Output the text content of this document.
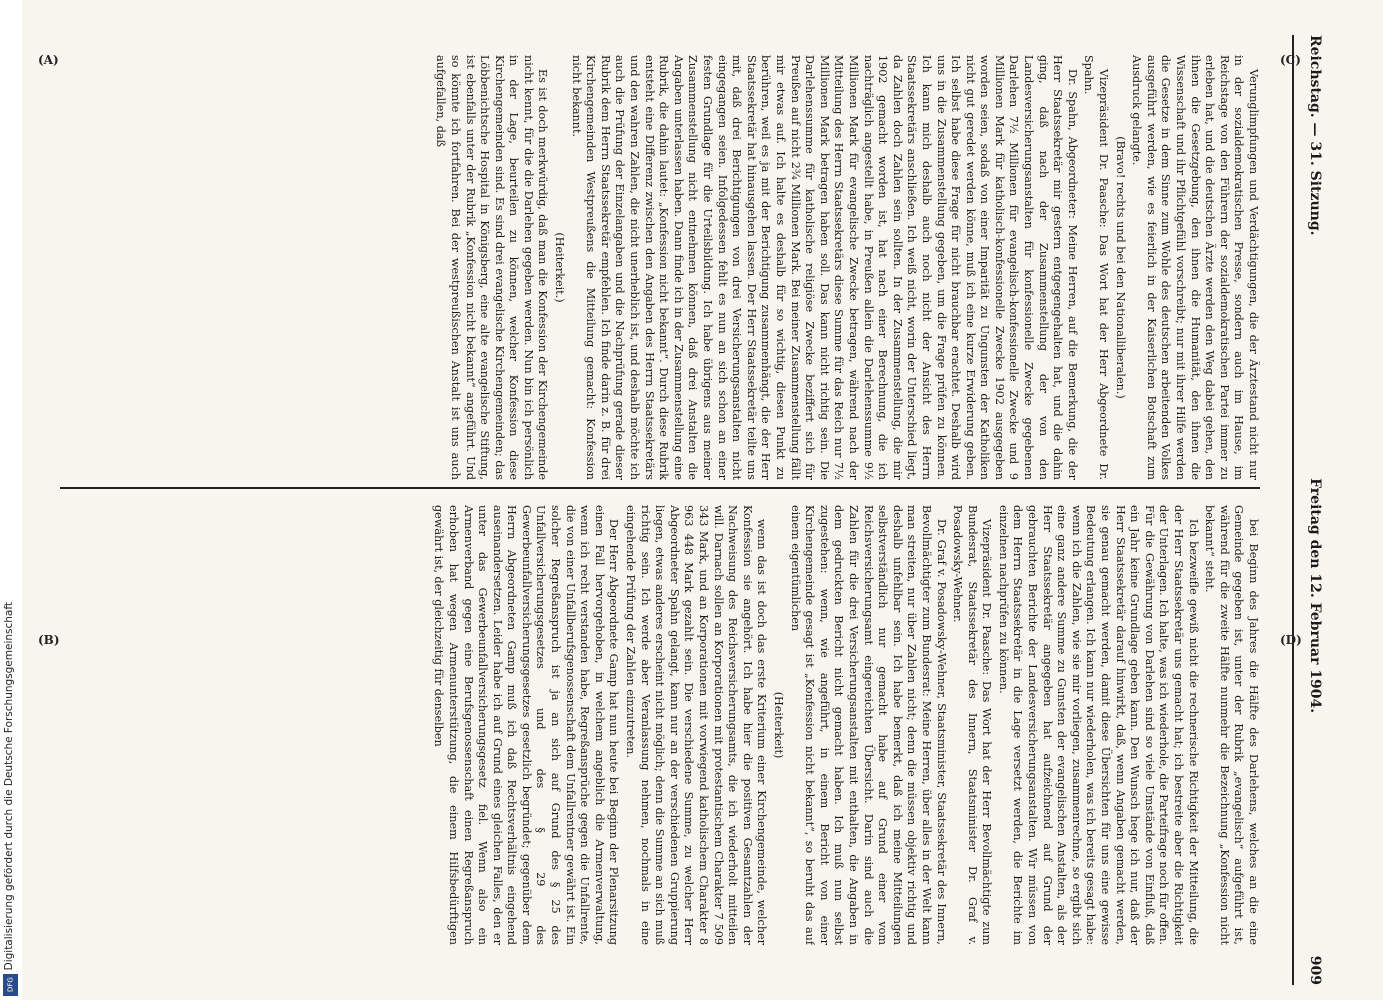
Digitalisierung gefördert durch die Deutsche Forschungsgemeinschaft
DFG
Reichstag. — 31. Sitzung.
Freitag den 12. Februar 1904.
909
(A)
(B)
(C)
(D)

Verunglimpfungen und Verdächtigungen, die der Ärztestand nicht nur in der sozialdemokratischen Presse, sondern auch im Hause, im Reichstage von den Führern der sozialdemokratischen Partei immer zu erleben hat, und die deutschen Ärzte werden den Weg dabei gehen, den ihnen die Gesetzgebung, den ihnen die Humanität, den ihnen die Wissenschaft und ihr Pflichtgefühl vorschreibt; nur mit ihrer Hilfe werden die Gesetze in dem Sinne zum Wohle des deutschen arbeitenden Volkes ausgeführt werden, wie es feierlich in der Kaiserlichen Botschaft zum Ausdruck gelangte.

(Bravo! rechts und bei den Nationalliberalen.)

Vizepräsident Dr. Paasche: Das Wort hat der Herr Abgeordnete Dr. Spahn.

Dr. Spahn, Abgeordneter: Meine Herren, auf die Bemerkung, die der Herr Staatssekretär mir gestern entgegengehalten hat, und die dahin ging, daß nach der Zusammenstellung der von den Landesversicherungsanstalten für konfessionelle Zwecke gegebenen Darlehen 7½ Millionen für evangelisch-konfessionelle Zwecke und 9 Millionen Mark für katholisch-konfessionelle Zwecke 1902 ausgegeben worden seien, sodaß von einer Imparität zu Ungunsten der Katholiken nicht gut geredet werden könne, muß ich eine kurze Erwiderung geben. Ich selbst habe diese Frage für nicht brauchbar erachtet. Deshalb wird uns in die Zusammenstellung gegeben, um die Frage prüfen zu können. Ich kann mich deshalb auch noch nicht der Ansicht des Herrn Staatssekretärs anschließen. Ich weiß nicht, worin der Unterschied liegt, da Zahlen doch Zahlen sein sollten. In der Zusammenstellung, die mir 1902 gemacht worden ist, hat nach einer Berechnung, die ich nachträglich angestellt habe, in Preußen allein die Darlehenssumme 9½ Millionen Mark für evangelische Zwecke betragen, während nach der Mitteilung des Herrn Staatssekretärs diese Summe für das Reich nur 7½ Millionen Mark betragen haben soll. Das kann nicht richtig sein. Die Darlehenssumme für katholische religiöse Zwecke beziffert sich für Preußen auf nicht 2¾ Millionen Mark. Bei meiner Zusammenstellung fällt mir etwas auf. Ich halte es deshalb für so wichtig, diesen Punkt zu berühren, weil es ja mit der Berichtigung zusammenhängt, die der Herr Staatssekretär hat hinausgehen lassen. Der Herr Staatssekretär teilte uns mit, daß drei Berichtigungen von drei Versicherungsanstalten nicht eingegangen seien. Infolgedessen fehlt es nun an sich schon an einer festen Grundlage für die Urteilsbildung. Ich habe übrigens aus meiner Zusammenstellung nicht entnehmen können, daß drei Anstalten die Angaben unterlassen haben. Dann finde ich in der Zusammenstellung eine Rubrik, die dahin lautet: „Konfession nicht bekannt“. Durch diese Rubrik entsteht eine Differenz zwischen den Angaben des Herrn Staatssekretärs und den wahren Zahlen, die nicht unerheblich ist, und deshalb möchte ich auch die Prüfung der Einzelangaben und die Nachprüfung gerade dieser Rubrik dem Herrn Staatssekretär empfehlen. Ich finde darin z. B. für drei Kirchengemeinden Westpreußens die Mitteilung gemacht: Konfession nicht bekannt.

(Heiterkeit.)

Es ist doch merkwürdig, daß man die Konfession der Kirchengemeinde nicht kennt, für die die Darlehen gegeben werden. Nun bin ich persönlich in der Lage, beurteilen zu können, welcher Konfession diese Kirchengemeinden sind. Es sind drei evangelische Kirchengemeinden; das Löbbenichtsche Hospital in Königsberg, eine alte evangelische Stiftung, ist ebenfalls unter der Rubrik „Konfession nicht bekannt“ angeführt. Und so könnte ich fortfahren. Bei der westpreußischen Anstalt ist uns auch aufgefallen, daß

bei Beginn des Jahres die Hälfte des Darlehens, welches an die eine Gemeinde gegeben ist, unter der Rubrik „evangelisch“ aufgeführt ist, während für die zweite Hälfte nunmehr die Bezeichnung „Konfession nicht bekannt“ steht.

Ich bezweifle gewiß nicht die rechnerische Richtigkeit der Mitteilung, die der Herr Staatssekretär uns gemacht hat; ich bestreite aber die Richtigkeit der Unterlagen. Ich halte, was ich wiederhole, die Parteifrage noch für offen. Für die Gewährung von Darlehen sind so viele Umstände von Einfluß, daß ein Jahr keine Grundlage geben kann. Den Wunsch hege ich nur, daß der Herr Staatssekretär darauf hinwirkt, daß, wenn Angaben gemacht werden, sie genau gemacht werden, damit diese Übersichten für uns eine gewisse Bedeutung erlangen. Ich kann nur wiederholen, was ich bereits gesagt habe: wenn ich die Zahlen, wie sie mir vorliegen, zusammenrechne, so ergibt sich eine ganz andere Summe zu Gunsten der evangelischen Anstalten, als der Herr Staatssekretär angegeben hat aufzeichnend auf Grund der gebrauchten Berichte der Landesversicherungsanstalten. Wir müssen von dem Herrn Staatssekretär in die Lage versetzt werden, die Berichte im einzelnen nachprüfen zu können.

Vizepräsident Dr. Paasche: Das Wort hat der Herr Bevollmächtigte zum Bundesrat, Staatssekretär des Innern, Staatsminister Dr. Graf v. Posadowsky-Wehner.

Dr. Graf v. Posadowsky-Wehner, Staatsminister, Staatssekretär des Innern, Bevollmächtigter zum Bundesrat: Meine Herren, über alles in der Welt kann man streiten, nur über Zahlen nicht; denn die müssen objektiv richtig und deshalb unfehlbar sein. Ich habe bemerkt, daß ich meine Mitteilungen selbstverständlich nur gemacht habe auf Grund einer vom Reichsversicherungsamt eingereichten Übersicht. Darin sind auch die Zahlen für die drei Versicherungsanstalten mit enthalten, die Angaben in dem gedruckten Bericht nicht gemacht haben. Ich muß nun selbst zugestehen: wenn, wie angeführt, in einem Bericht von einer Kirchengemeinde gesagt ist „Konfession nicht bekannt“, so beruht das auf einem eigentümlichen

(Heiterkeit)

wenn das ist doch das erste Kriterium einer Kirchengemeinde, welcher Konfession sie angehört. Ich habe hier die positiven Gesamtzahlen der Nachweisung des Reichsversicherungsamts, die ich wiederholt mitteilen will. Darnach sollen an Korporationen mit protestantischem Charakter 7 509 343 Mark, und an Korporationen mit vorwiegend katholischem Charakter 8 963 448 Mark gezahlt sein. Die verschiedene Summe, zu welcher Herr Abgeordneter Spahn gelangt, kann nur an der verschiedenen Gruppierung liegen, etwas anderes erscheint nicht möglich; denn die Summe an sich muß richtig sein. Ich werde aber Veranlassung nehmen, nochmals in eine eingehende Prüfung der Zahlen einzutreten.

Der Herr Abgeordnete Gamp hat nun heute bei Beginn der Plenarsitzung einen Fall hervorgehoben, in welchem angeblich die Armenverwaltung, wenn ich recht verstanden habe, Regreßansprüche gegen die Unfallrente, die von einer Unfallberufsgenossenschaft dem Unfallrentner gewährt ist. Ein solcher Regreßanspruch ist ja an sich auf Grund des § 25 des Unfallversicherungsgesetzes und des § 29 des Gewerbeunfallversicherungsgesetzes gesetzlich begründet; gegenüber dem Herrn Abgeordneten Gamp muß ich daß Rechtsverhältnis eingehend auseinandersetzen. Leider habe ich auf Grund eines gleichen Falles, den er unter das Gewerbeunfallversicherungsgesetz fiel. Wenn also ein Armenverband gegen eine Berufsgenossenschaft einen Regreßanspruch erhoben hat wegen Armenunterstützung, die einem Hilfsbedürftigen gewährt ist, der gleichzeitig für denselben
